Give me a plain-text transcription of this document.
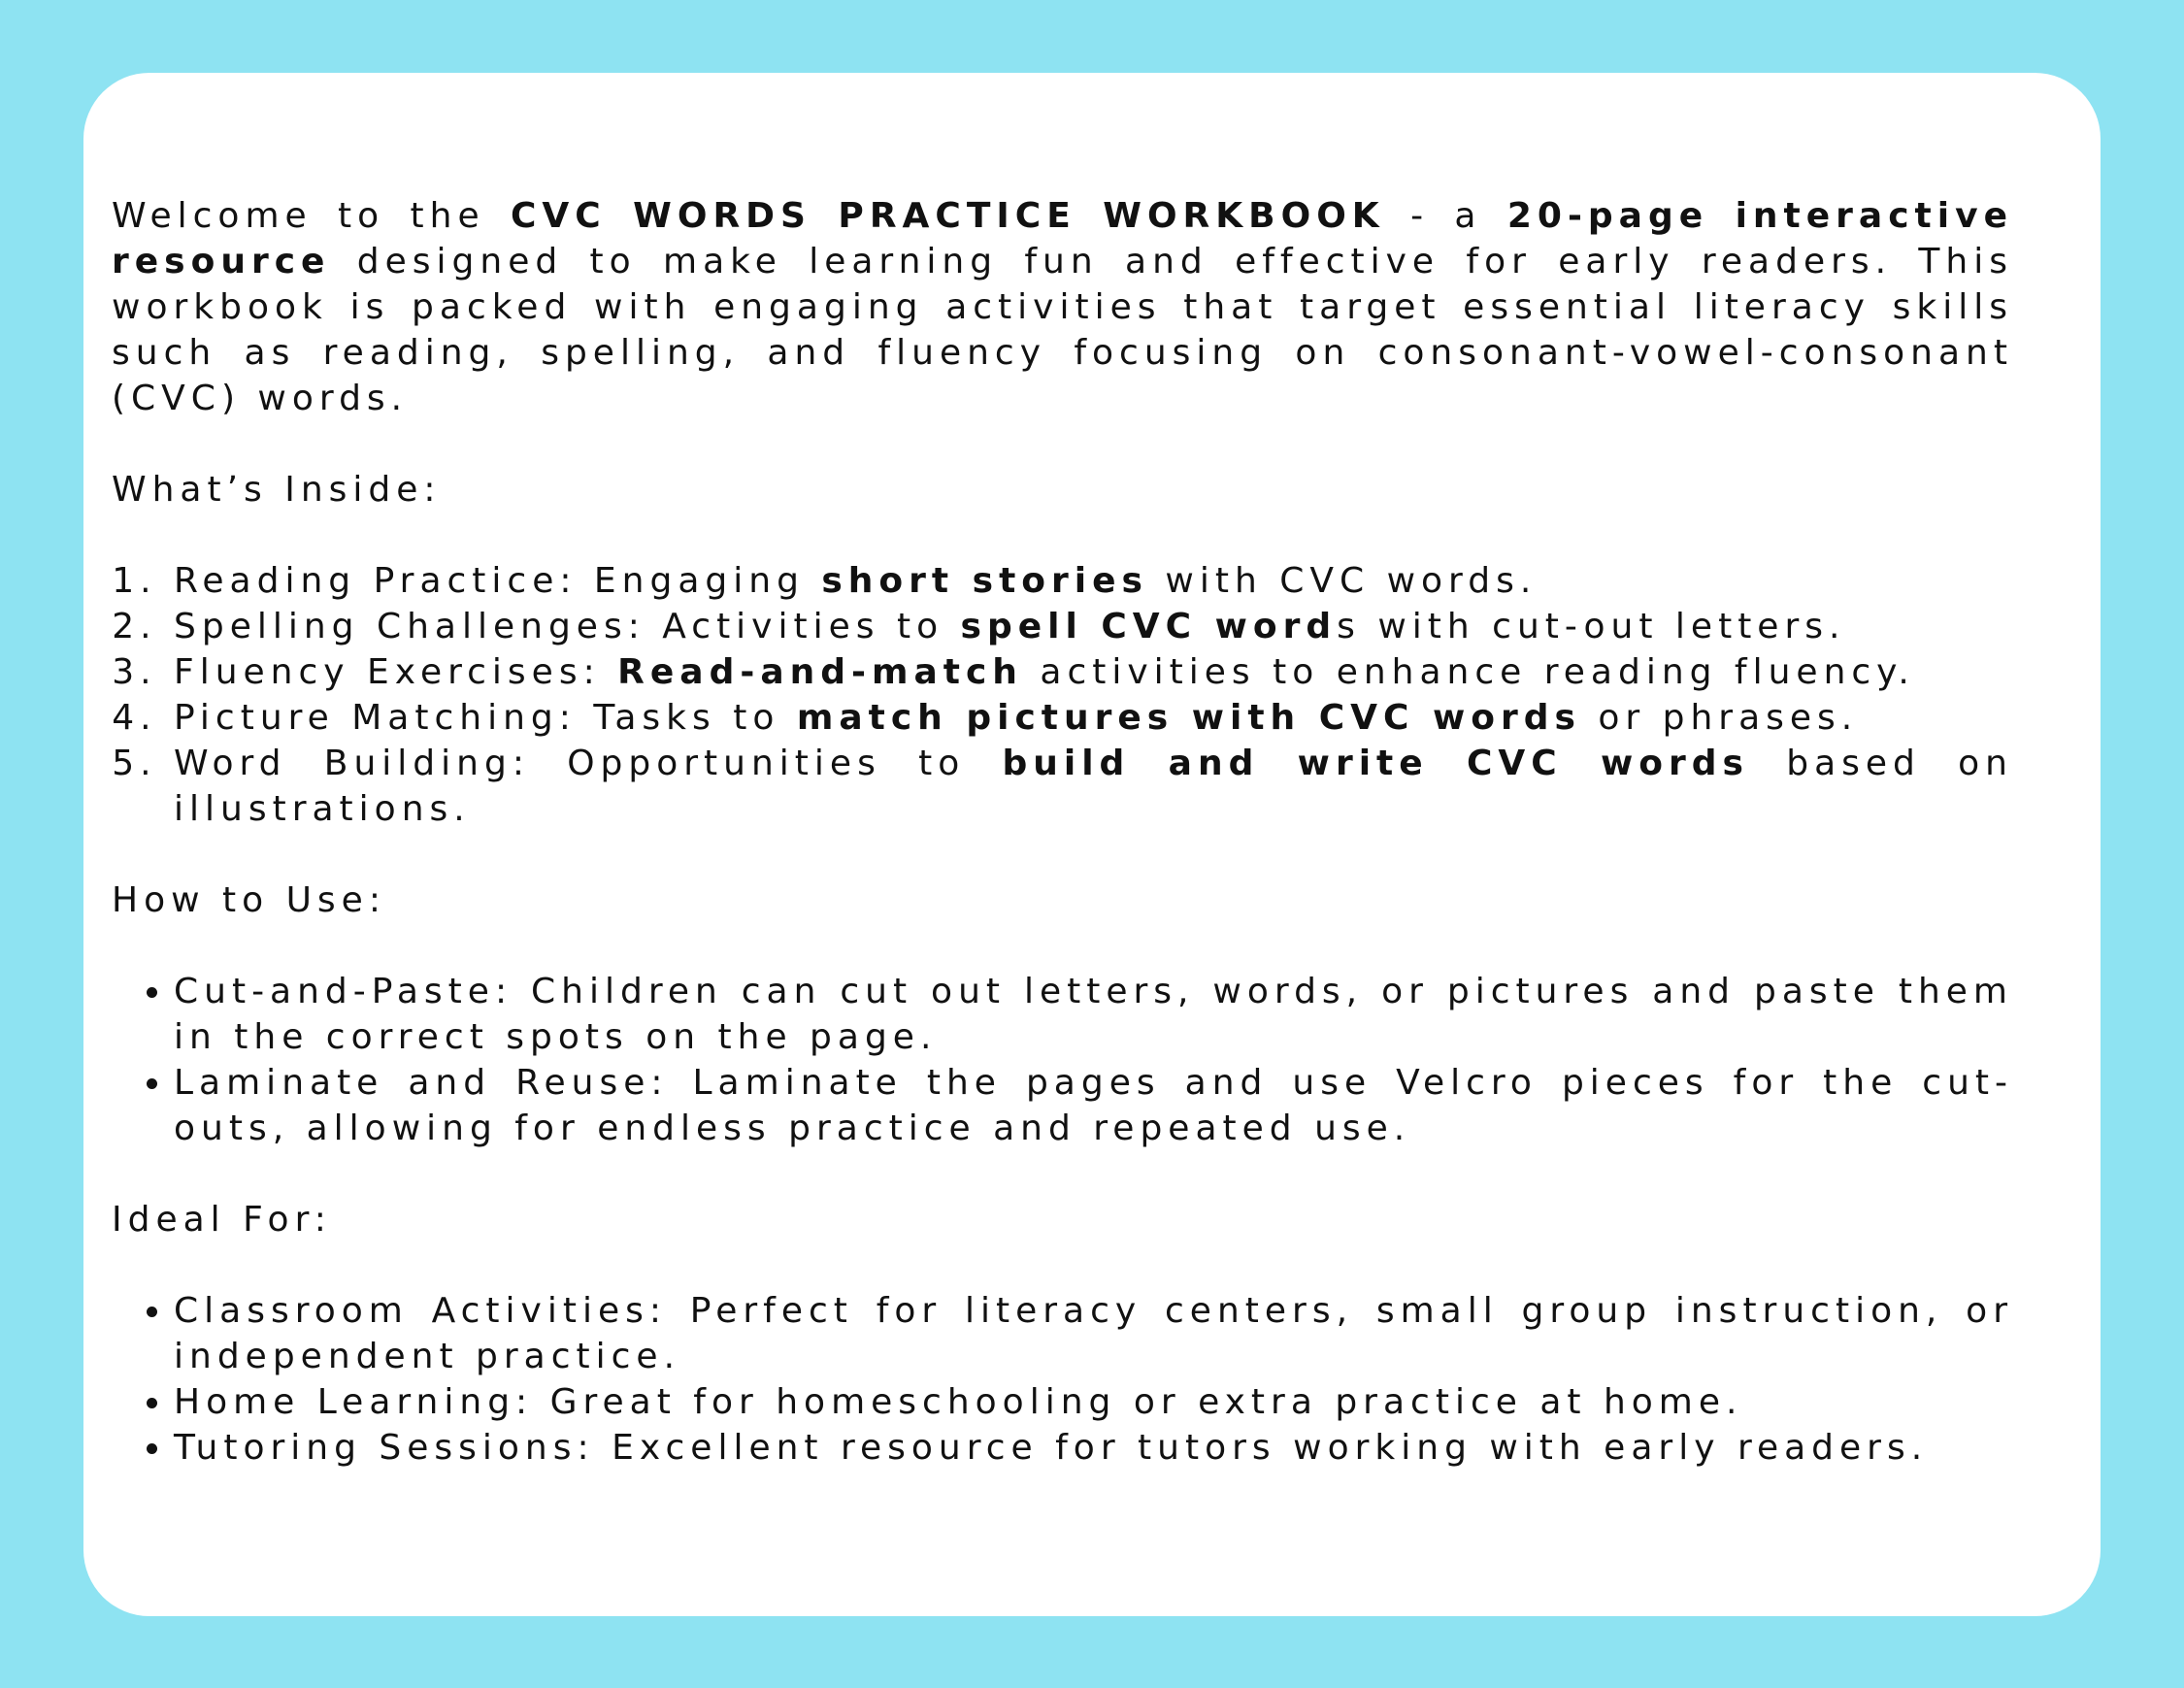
Welcome to the CVC WORDS PRACTICE WORKBOOK - a 20-page interactive resource designed to make learning fun and effective for early readers. This workbook is packed with engaging activities that target essential literacy skills such as reading, spelling, and fluency focusing on consonant-vowel-consonant (CVC) words.

What’s Inside:

1. Reading Practice: Engaging short stories with CVC words.
2. Spelling Challenges: Activities to spell CVC words with cut-out letters.
3. Fluency Exercises: Read-and-match activities to enhance reading fluency.
4. Picture Matching: Tasks to match pictures with CVC words or phrases.
5. Word Building: Opportunities to build and write CVC words based on illustrations.

How to Use:

• Cut-and-Paste: Children can cut out letters, words, or pictures and paste them in the correct spots on the page.
• Laminate and Reuse: Laminate the pages and use Velcro pieces for the cut-outs, allowing for endless practice and repeated use.

Ideal For:

• Classroom Activities: Perfect for literacy centers, small group instruction, or independent practice.
• Home Learning: Great for homeschooling or extra practice at home.
• Tutoring Sessions: Excellent resource for tutors working with early readers.
